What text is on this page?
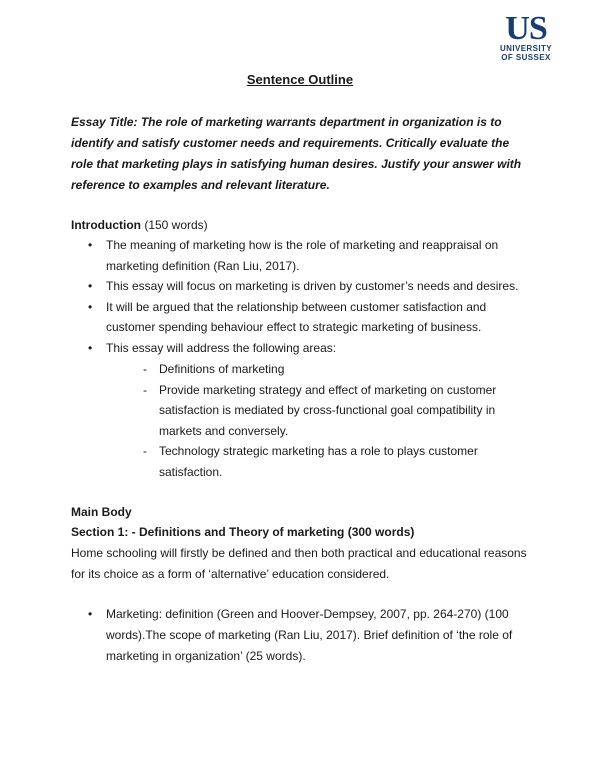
US
UNIVERSITY
OF SUSSEX
Sentence Outline

Essay Title: The role of marketing warrants department in organization is to identify and satisfy customer needs and requirements. Critically evaluate the role that marketing plays in satisfying human desires. Justify your answer with reference to examples and relevant literature.

Introduction (150 words)

• The meaning of marketing how is the role of marketing and reappraisal on marketing definition (Ran Liu, 2017).
• This essay will focus on marketing is driven by customer’s needs and desires.
• It will be argued that the relationship between customer satisfaction and customer spending behaviour effect to strategic marketing of business.
• This essay will address the following areas:
- Definitions of marketing
- Provide marketing strategy and effect of marketing on customer satisfaction is mediated by cross-functional goal compatibility in markets and conversely.
- Technology strategic marketing has a role to plays customer satisfaction.

Main Body

Section 1: - Definitions and Theory of marketing (300 words)

Home schooling will firstly be defined and then both practical and educational reasons for its choice as a form of ‘alternative’ education considered.

• Marketing: definition (Green and Hoover-Dempsey, 2007, pp. 264-270) (100 words).The scope of marketing (Ran Liu, 2017). Brief definition of ‘the role of marketing in organization’ (25 words).
